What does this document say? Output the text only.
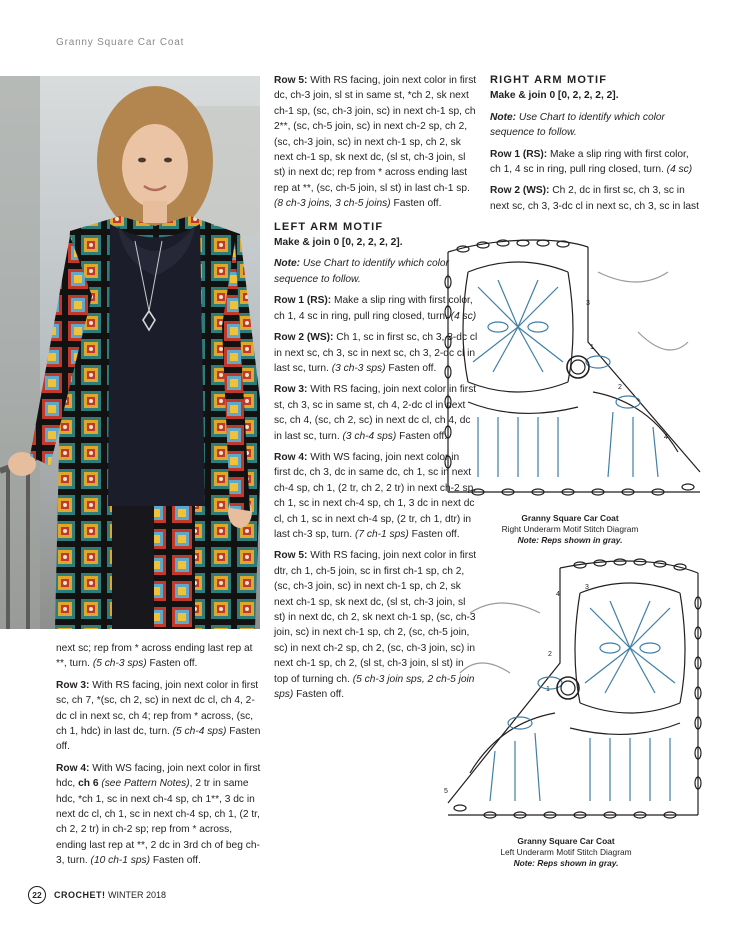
Granny Square Car Coat

next sc; rep from * across ending last rep at **, turn. (5 ch-3 sps) Fasten off.

Row 3: With RS facing, join next color in first sc, ch 7, *(sc, ch 2, sc) in next dc cl, ch 4, 2-dc cl in next sc, ch 4; rep from * across, (sc, ch 1, hdc) in last dc, turn. (5 ch-4 sps) Fasten off.

Row 4: With WS facing, join next color in first hdc, ch 6 (see Pattern Notes), 2 tr in same hdc, *ch 1, sc in next ch-4 sp, ch 1**, 3 dc in next dc cl, ch 1, sc in next ch-4 sp, ch 1, (2 tr, ch 2, 2 tr) in ch-2 sp; rep from * across, ending last rep at **, 2 dc in 3rd ch of beg ch-3, turn. (10 ch-1 sps) Fasten off.

Row 5: With RS facing, join next color in first dc, ch-3 join, sl st in same st, *ch 2, sk next ch-1 sp, (sc, ch-3 join, sc) in next ch-1 sp, ch 2**, (sc, ch-5 join, sc) in next ch-2 sp, ch 2, (sc, ch-3 join, sc) in next ch-1 sp, ch 2, sk next ch-1 sp, sk next dc, (sl st, ch-3 join, sl st) in next dc; rep from * across ending last rep at **, (sc, ch-5 join, sl st) in last ch-1 sp. (8 ch-3 joins, 3 ch-5 joins) Fasten off.

LEFT ARM MOTIF
Make & join 0 [0, 2, 2, 2, 2].

Note: Use Chart to identify which color sequence to follow.

Row 1 (RS): Make a slip ring with first color, ch 1, 4 sc in ring, pull ring closed, turn. (4 sc)

Row 2 (WS): Ch 1, sc in first sc, ch 3, 3-dc cl in next sc, ch 3, sc in next sc, ch 3, 2-dc cl in last sc, turn. (3 ch-3 sps) Fasten off.

Row 3: With RS facing, join next color in first st, ch 3, sc in same st, ch 4, 2-dc cl in next sc, ch 4, (sc, ch 2, sc) in next dc cl, ch 4, dc in last sc, turn. (3 ch-4 sps) Fasten off.

Row 4: With WS facing, join next color in first dc, ch 3, dc in same dc, ch 1, sc in next ch-4 sp, ch 1, (2 tr, ch 2, 2 tr) in next ch-2 sp, ch 1, sc in next ch-4 sp, ch 1, 3 dc in next dc cl, ch 1, sc in next ch-4 sp, (2 tr, ch 1, dtr) in last ch-3 sp, turn. (7 ch-1 sps) Fasten off.

Row 5: With RS facing, join next color in first dtr, ch 1, ch-5 join, sc in first ch-1 sp, ch 2, (sc, ch-3 join, sc) in next ch-1 sp, ch 2, sk next ch-1 sp, sk next dc, (sl st, ch-3 join, sl st) in next dc, ch 2, sk next ch-1 sp, (sc, ch-3 join, sc) in next ch-1 sp, ch 2, (sc, ch-5 join, sc) in next ch-2 sp, ch 2, (sc, ch-3 join, sc) in next ch-1 sp, ch 2, (sl st, ch-3 join, sl st) in top of turning ch. (5 ch-3 join sps, 2 ch-5 join sps) Fasten off.

RIGHT ARM MOTIF
Make & join 0 [0, 2, 2, 2, 2].

Note: Use Chart to identify which color sequence to follow.

Row 1 (RS): Make a slip ring with first color, ch 1, 4 sc in ring, pull ring closed, turn. (4 sc)

Row 2 (WS): Ch 2, dc in first sc, ch 3, sc in next sc, ch 3, 3-dc cl in next sc, ch 3, sc in last

1
2
3
4
Granny Square Car Coat
Right Underarm Motif Stitch Diagram
Note: Reps shown in gray.
1
2
3
4
5
Granny Square Car Coat
Left Underarm Motif Stitch Diagram
Note: Reps shown in gray.
22	CROCHET! WINTER 2018
